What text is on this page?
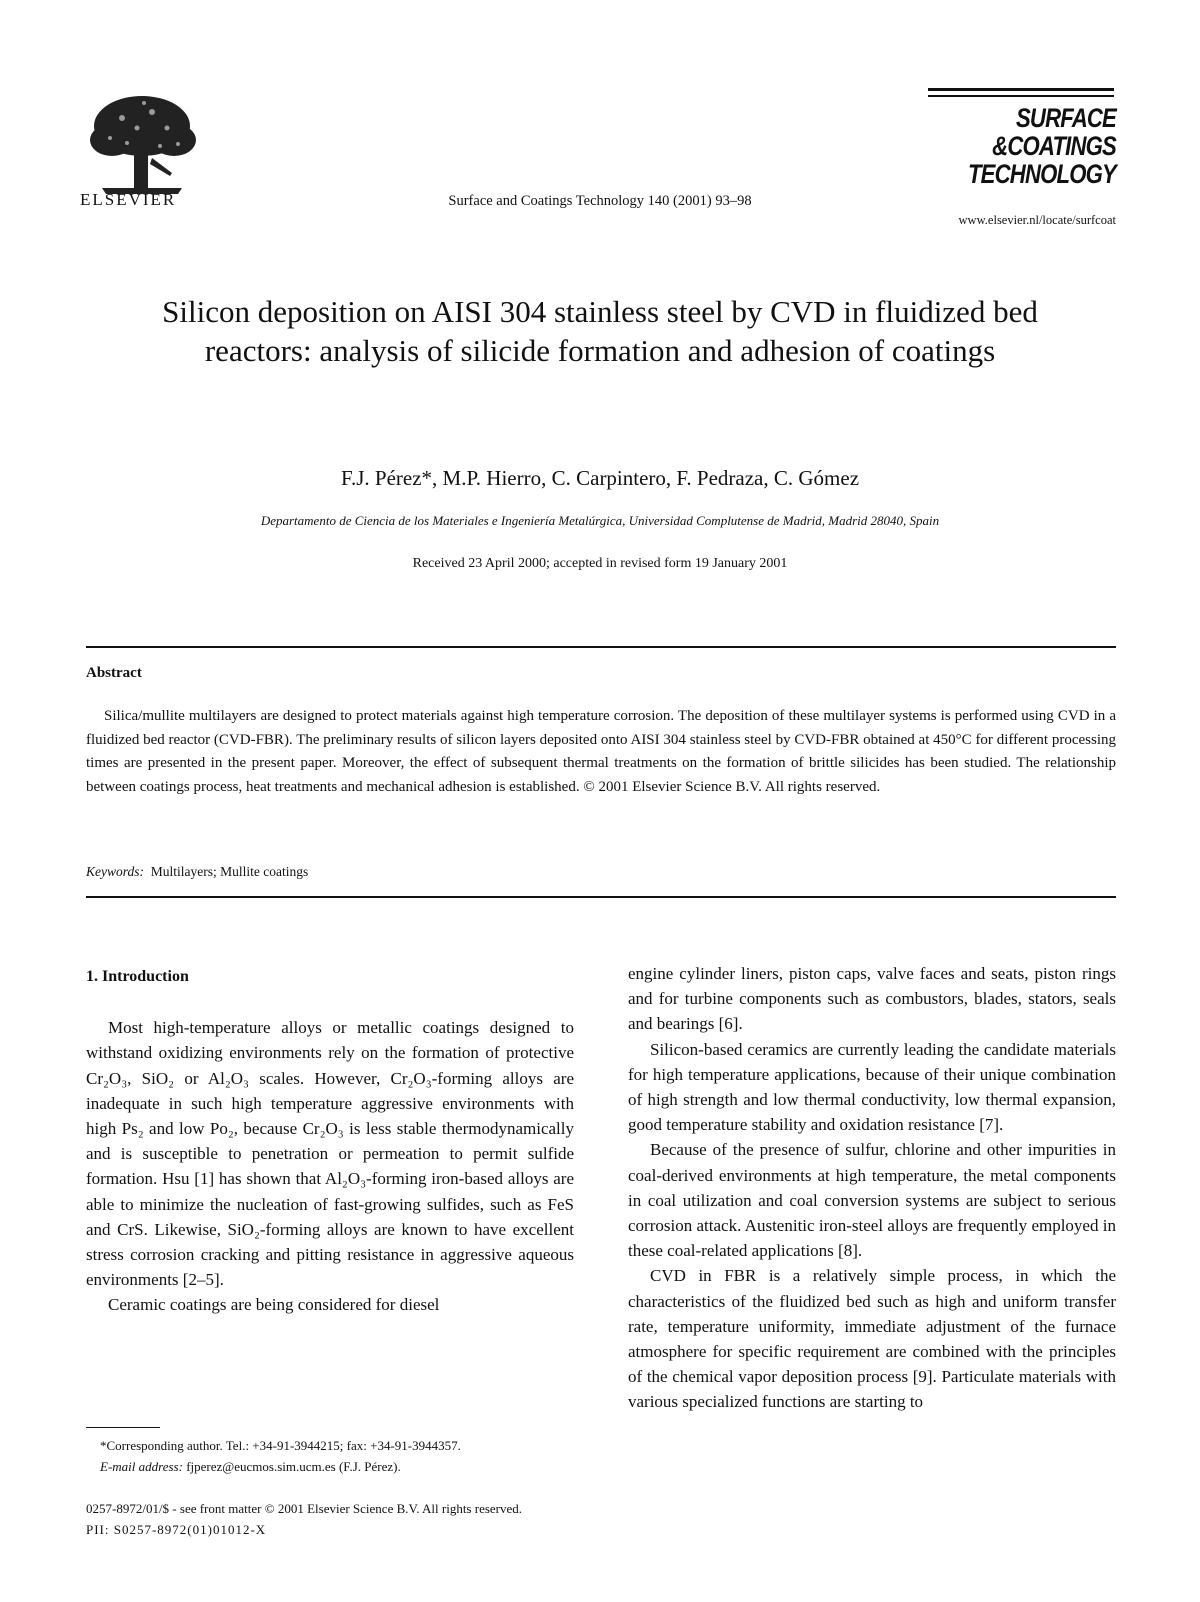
ELSEVIER	Surface and Coatings Technology 140 (2001) 93–98
SURFACE
&COATINGS
TECHNOLOGY
www.elsevier.nl/locate/surfcoat
Silicon deposition on AISI 304 stainless steel by CVD in fluidized bed reactors: analysis of silicide formation and adhesion of coatings
F.J. Pérez*, M.P. Hierro, C. Carpintero, F. Pedraza, C. Gómez
Departamento de Ciencia de los Materiales e Ingeniería Metalúrgica, Universidad Complutense de Madrid, Madrid 28040, Spain
Received 23 April 2000; accepted in revised form 19 January 2001
Abstract
Silica/mullite multilayers are designed to protect materials against high temperature corrosion. The deposition of these multilayer systems is performed using CVD in a fluidized bed reactor (CVD-FBR). The preliminary results of silicon layers deposited onto AISI 304 stainless steel by CVD-FBR obtained at 450°C for different processing times are presented in the present paper. Moreover, the effect of subsequent thermal treatments on the formation of brittle silicides has been studied. The relationship between coatings process, heat treatments and mechanical adhesion is established. © 2001 Elsevier Science B.V. All rights reserved.
Keywords: Multilayers; Mullite coatings
1. Introduction

Most high-temperature alloys or metallic coatings designed to withstand oxidizing environments rely on the formation of protective Cr₂O₃, SiO₂ or Al₂O₃ scales. However, Cr₂O₃-forming alloys are inadequate in such high temperature aggressive environments with high Ps₂ and low Po₂, because Cr₂O₃ is less stable thermodynamically and is susceptible to penetration or permeation to permit sulfide formation. Hsu [1] has shown that Al₂O₃-forming iron-based alloys are able to minimize the nucleation of fast-growing sulfides, such as FeS and CrS. Likewise, SiO₂-forming alloys are known to have excellent stress corrosion cracking and pitting resistance in aggressive aqueous environments [2–5].

Ceramic coatings are being considered for diesel

engine cylinder liners, piston caps, valve faces and seats, piston rings and for turbine components such as combustors, blades, stators, seals and bearings [6].

Silicon-based ceramics are currently leading the candidate materials for high temperature applications, because of their unique combination of high strength and low thermal conductivity, low thermal expansion, good temperature stability and oxidation resistance [7].

Because of the presence of sulfur, chlorine and other impurities in coal-derived environments at high temperature, the metal components in coal utilization and coal conversion systems are subject to serious corrosion attack. Austenitic iron-steel alloys are frequently employed in these coal-related applications [8].

CVD in FBR is a relatively simple process, in which the characteristics of the fluidized bed such as high and uniform transfer rate, temperature uniformity, immediate adjustment of the furnace atmosphere for specific requirement are combined with the principles of the chemical vapor deposition process [9]. Particulate materials with various specialized functions are starting to

*Corresponding author. Tel.: +34-91-3944215; fax: +34-91-3944357.

E-mail address: fjperez@eucmos.sim.ucm.es (F.J. Pérez).

0257-8972/01/$ - see front matter © 2001 Elsevier Science B.V. All rights reserved.
PII: S0257-8972(01)01012-X
